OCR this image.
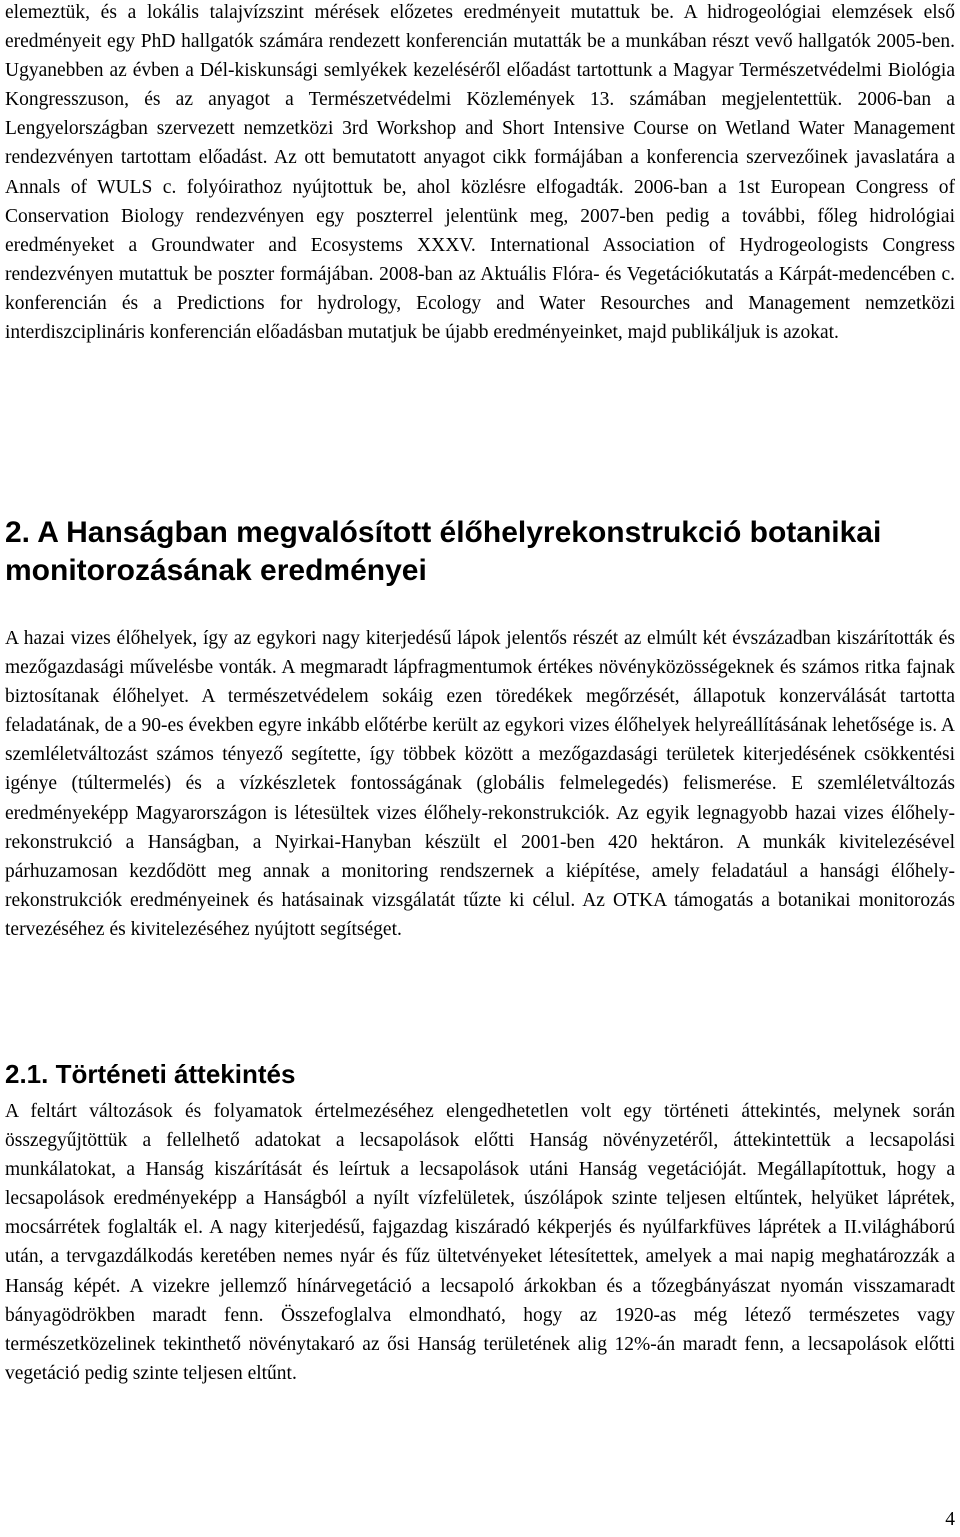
elemeztük, és a lokális talajvízszint mérések előzetes eredményeit mutattuk be. A hidrogeológiai elemzések első eredményeit egy PhD hallgatók számára rendezett konferencián mutatták be a munkában részt vevő hallgatók 2005-ben. Ugyanebben az évben a Dél-kiskunsági semlyékek kezeléséről előadást tartottunk a Magyar Természetvédelmi Biológia Kongresszuson, és az anyagot a Természetvédelmi Közlemények 13. számában megjelentettük. 2006-ban a Lengyelországban szervezett nemzetközi 3rd Workshop and Short Intensive Course on Wetland Water Management rendezvényen tartottam előadást. Az ott bemutatott anyagot cikk formájában a konferencia szervezőinek javaslatára a Annals of WULS c. folyóirathoz nyújtottuk be, ahol közlésre elfogadták. 2006-ban a 1st European Congress of Conservation Biology rendezvényen egy poszterrel jelentünk meg, 2007-ben pedig a további, főleg hidrológiai eredményeket a Groundwater and Ecosystems XXXV. International Association of Hydrogeologists Congress rendezvényen mutattuk be poszter formájában. 2008-ban az Aktuális Flóra- és Vegetációkutatás a Kárpát-medencében c. konferencián és a Predictions for hydrology, Ecology and Water Resourches and Management nemzetközi interdiszciplináris konferencián előadásban mutatjuk be újabb eredményeinket, majd publikáljuk is azokat.

2. A Hanságban megvalósított élőhelyrekonstrukció botanikai monitorozásának eredményei

A hazai vizes élőhelyek, így az egykori nagy kiterjedésű lápok jelentős részét az elmúlt két évszázadban kiszárították és mezőgazdasági művelésbe vonták. A megmaradt lápfragmentumok értékes növényközösségeknek és számos ritka fajnak biztosítanak élőhelyet. A természetvédelem sokáig ezen töredékek megőrzését, állapotuk konzerválását tartotta feladatának, de a 90-es években egyre inkább előtérbe került az egykori vizes élőhelyek helyreállításának lehetősége is. A szemléletváltozást számos tényező segítette, így többek között a mezőgazdasági területek kiterjedésének csökkentési igénye (túltermelés) és a vízkészletek fontosságának (globális felmelegedés) felismerése. E szemléletváltozás eredményeképp Magyarországon is létesültek vizes élőhely-rekonstrukciók. Az egyik legnagyobb hazai vizes élőhely-rekonstrukció a Hanságban, a Nyirkai-Hanyban készült el 2001-ben 420 hektáron. A munkák kivitelezésével párhuzamosan kezdődött meg annak a monitoring rendszernek a kiépítése, amely feladatául a hansági élőhely-rekonstrukciók eredményeinek és hatásainak vizsgálatát tűzte ki célul. Az OTKA támogatás a botanikai monitorozás tervezéséhez és kivitelezéséhez nyújtott segítséget.

2.1. Történeti áttekintés

A feltárt változások és folyamatok értelmezéséhez elengedhetetlen volt egy történeti áttekintés, melynek során összegyűjtöttük a fellelhető adatokat a lecsapolások előtti Hanság növényzetéről, áttekintettük a lecsapolási munkálatokat, a Hanság kiszárítását és leírtuk a lecsapolások utáni Hanság vegetációját. Megállapítottuk, hogy a lecsapolások eredményeképp a Hanságból a nyílt vízfelületek, úszólápok szinte teljesen eltűntek, helyüket láprétek, mocsárrétek foglalták el. A nagy kiterjedésű, fajgazdag kiszáradó kékperjés és nyúlfarkfüves láprétek a II.világháború után, a tervgazdálkodás keretében nemes nyár és fűz ültetvényeket létesítettek, amelyek a mai napig meghatározzák a Hanság képét. A vizekre jellemző hínárvegetáció a lecsapoló árkokban és a tőzegbányászat nyomán visszamaradt bányagödrökben maradt fenn. Összefoglalva elmondható, hogy az 1920-as még létező természetes vagy természetközelinek tekinthető növénytakaró az ősi Hanság területének alig 12%-án maradt fenn, a lecsapolások előtti vegetáció pedig szinte teljesen eltűnt.

4
